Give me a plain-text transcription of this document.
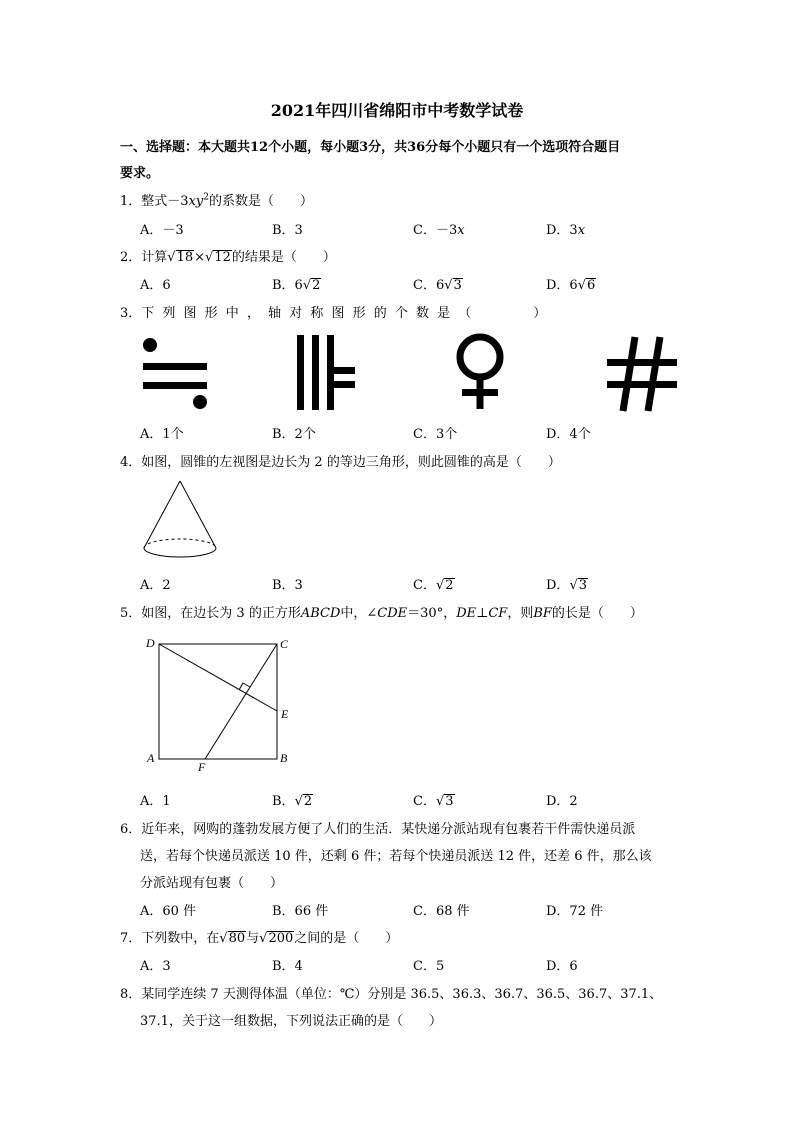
2021年四川省绵阳市中考数学试卷
一、选择题：本大题共12个小题，每小题3分，共36分每个小题只有一个选项符合题目
要求。
1．整式$-3xy^2$的系数是（　　）
A．－3	B．3	C．－3x	D．3x
2．计算√18×√12的结果是（　　）
A．6	B．6√2	C．6√3	D．6√6
3．下 列 图 形 中 ， 轴 对 称 图 形 的 个 数 是 （　　　　）
A．1个	B．2个	C．3个	D．4个
4．如图，圆锥的左视图是边长为 2 的等边三角形，则此圆锥的高是（　　）
A．2	B．3	C．√2	D．√3
5．如图，在边长为 3 的正方形ABCD中，∠CDE＝30°，DE⊥CF，则BF的长是（　　）
D	C
E
A
F
B
A．1	B．√2	C．√3	D．2
6．近年来，网购的蓬勃发展方便了人们的生活．某快递分派站现有包裹若干件需快递员派
送，若每个快递员派送 10 件，还剩 6 件；若每个快递员派送 12 件，还差 6 件，那么该
分派站现有包裹（　　）
A．60 件	B．66 件	C．68 件	D．72 件
7．下列数中，在√80与√200之间的是（　　）
A．3	B．4	C．5	D．6
8．某同学连续 7 天测得体温（单位：℃）分别是 36.5、36.3、36.7、36.5、36.7、37.1、
37.1，关于这一组数据，下列说法正确的是（　　）
